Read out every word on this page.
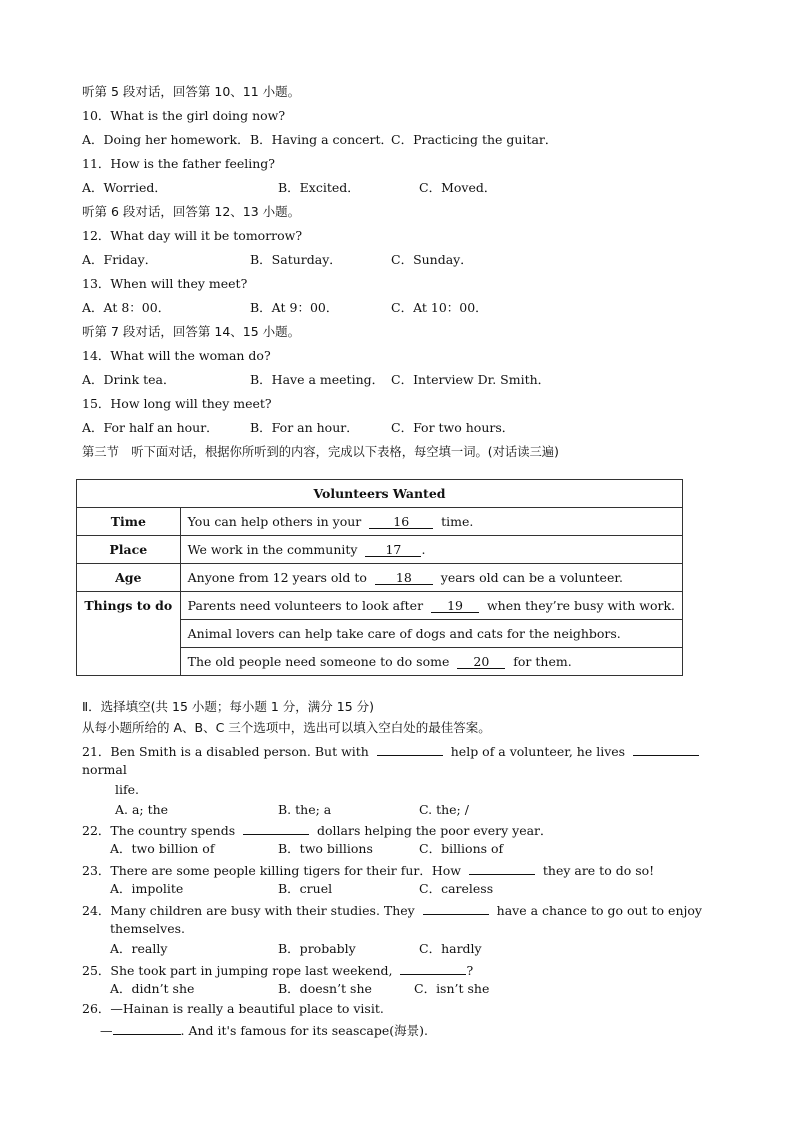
听第 5 段对话，回答第 10、11 小题。
10．What is the girl doing now?
A．Doing her homework． B．Having a concert．
C．Practicing the guitar．
11．How is the father feeling?
A．Worried．	B．Excited．	C．Moved．
听第 6 段对话，回答第 12、13 小题。
12．What day will it be tomorrow?
A．Friday．	B．Saturday．	C．Sunday．
13．When will they meet?
A．At 8：00．	B．At 9：00．	C．At 10：00．
听第 7 段对话，回答第 14、15 小题。
14．What will the woman do?
A．Drink tea．	B．Have a meeting． C．Interview Dr. Smith．
15．How long will they meet?
A．For half an hour．	B．For an hour．	C．For two hours．
第三节　听下面对话，根据你所听到的内容，完成以下表格，每空填一词。(对话读三遍)
Volunteers Wanted	
Time	You can help others in your 16 time.
Place	We work in the community 17 .
Age	Anyone from 12 years old to 18 years old can be a volunteer.
Things to do	Parents need volunteers to look after 19 when they’re busy with work.
	Animal lovers can help take care of dogs and cats for the neighbors.
	The old people need someone to do some 20 for them.
Ⅱ．选择填空(共 15 小题；每小题 1 分，满分 15 分)
从每小题所给的 A、B、C 三个选项中，选出可以填入空白处的最佳答案。
21．Ben Smith is a disabled person. But with	help of a volunteer, he lives
normal
life.
A. a; the	B. the; a	C. the; /
22．The country spends	dollars helping the poor every year．
A．two billion of	B．two billions	C．billions of
23．There are some people killing tigers for their fur．How	they are to do so!
A．impolite	B．cruel	C．careless
24．Many children are busy with their studies. They	have a chance to go out to enjoy
themselves.
A．really	B．probably	C．hardly
25．She took part in jumping rope last weekend,	?
A．didn’t she	B．doesn’t she	C．isn’t she
26．—Hainan is really a beautiful place to visit.
—	. And it's famous for its seascape(海景).
